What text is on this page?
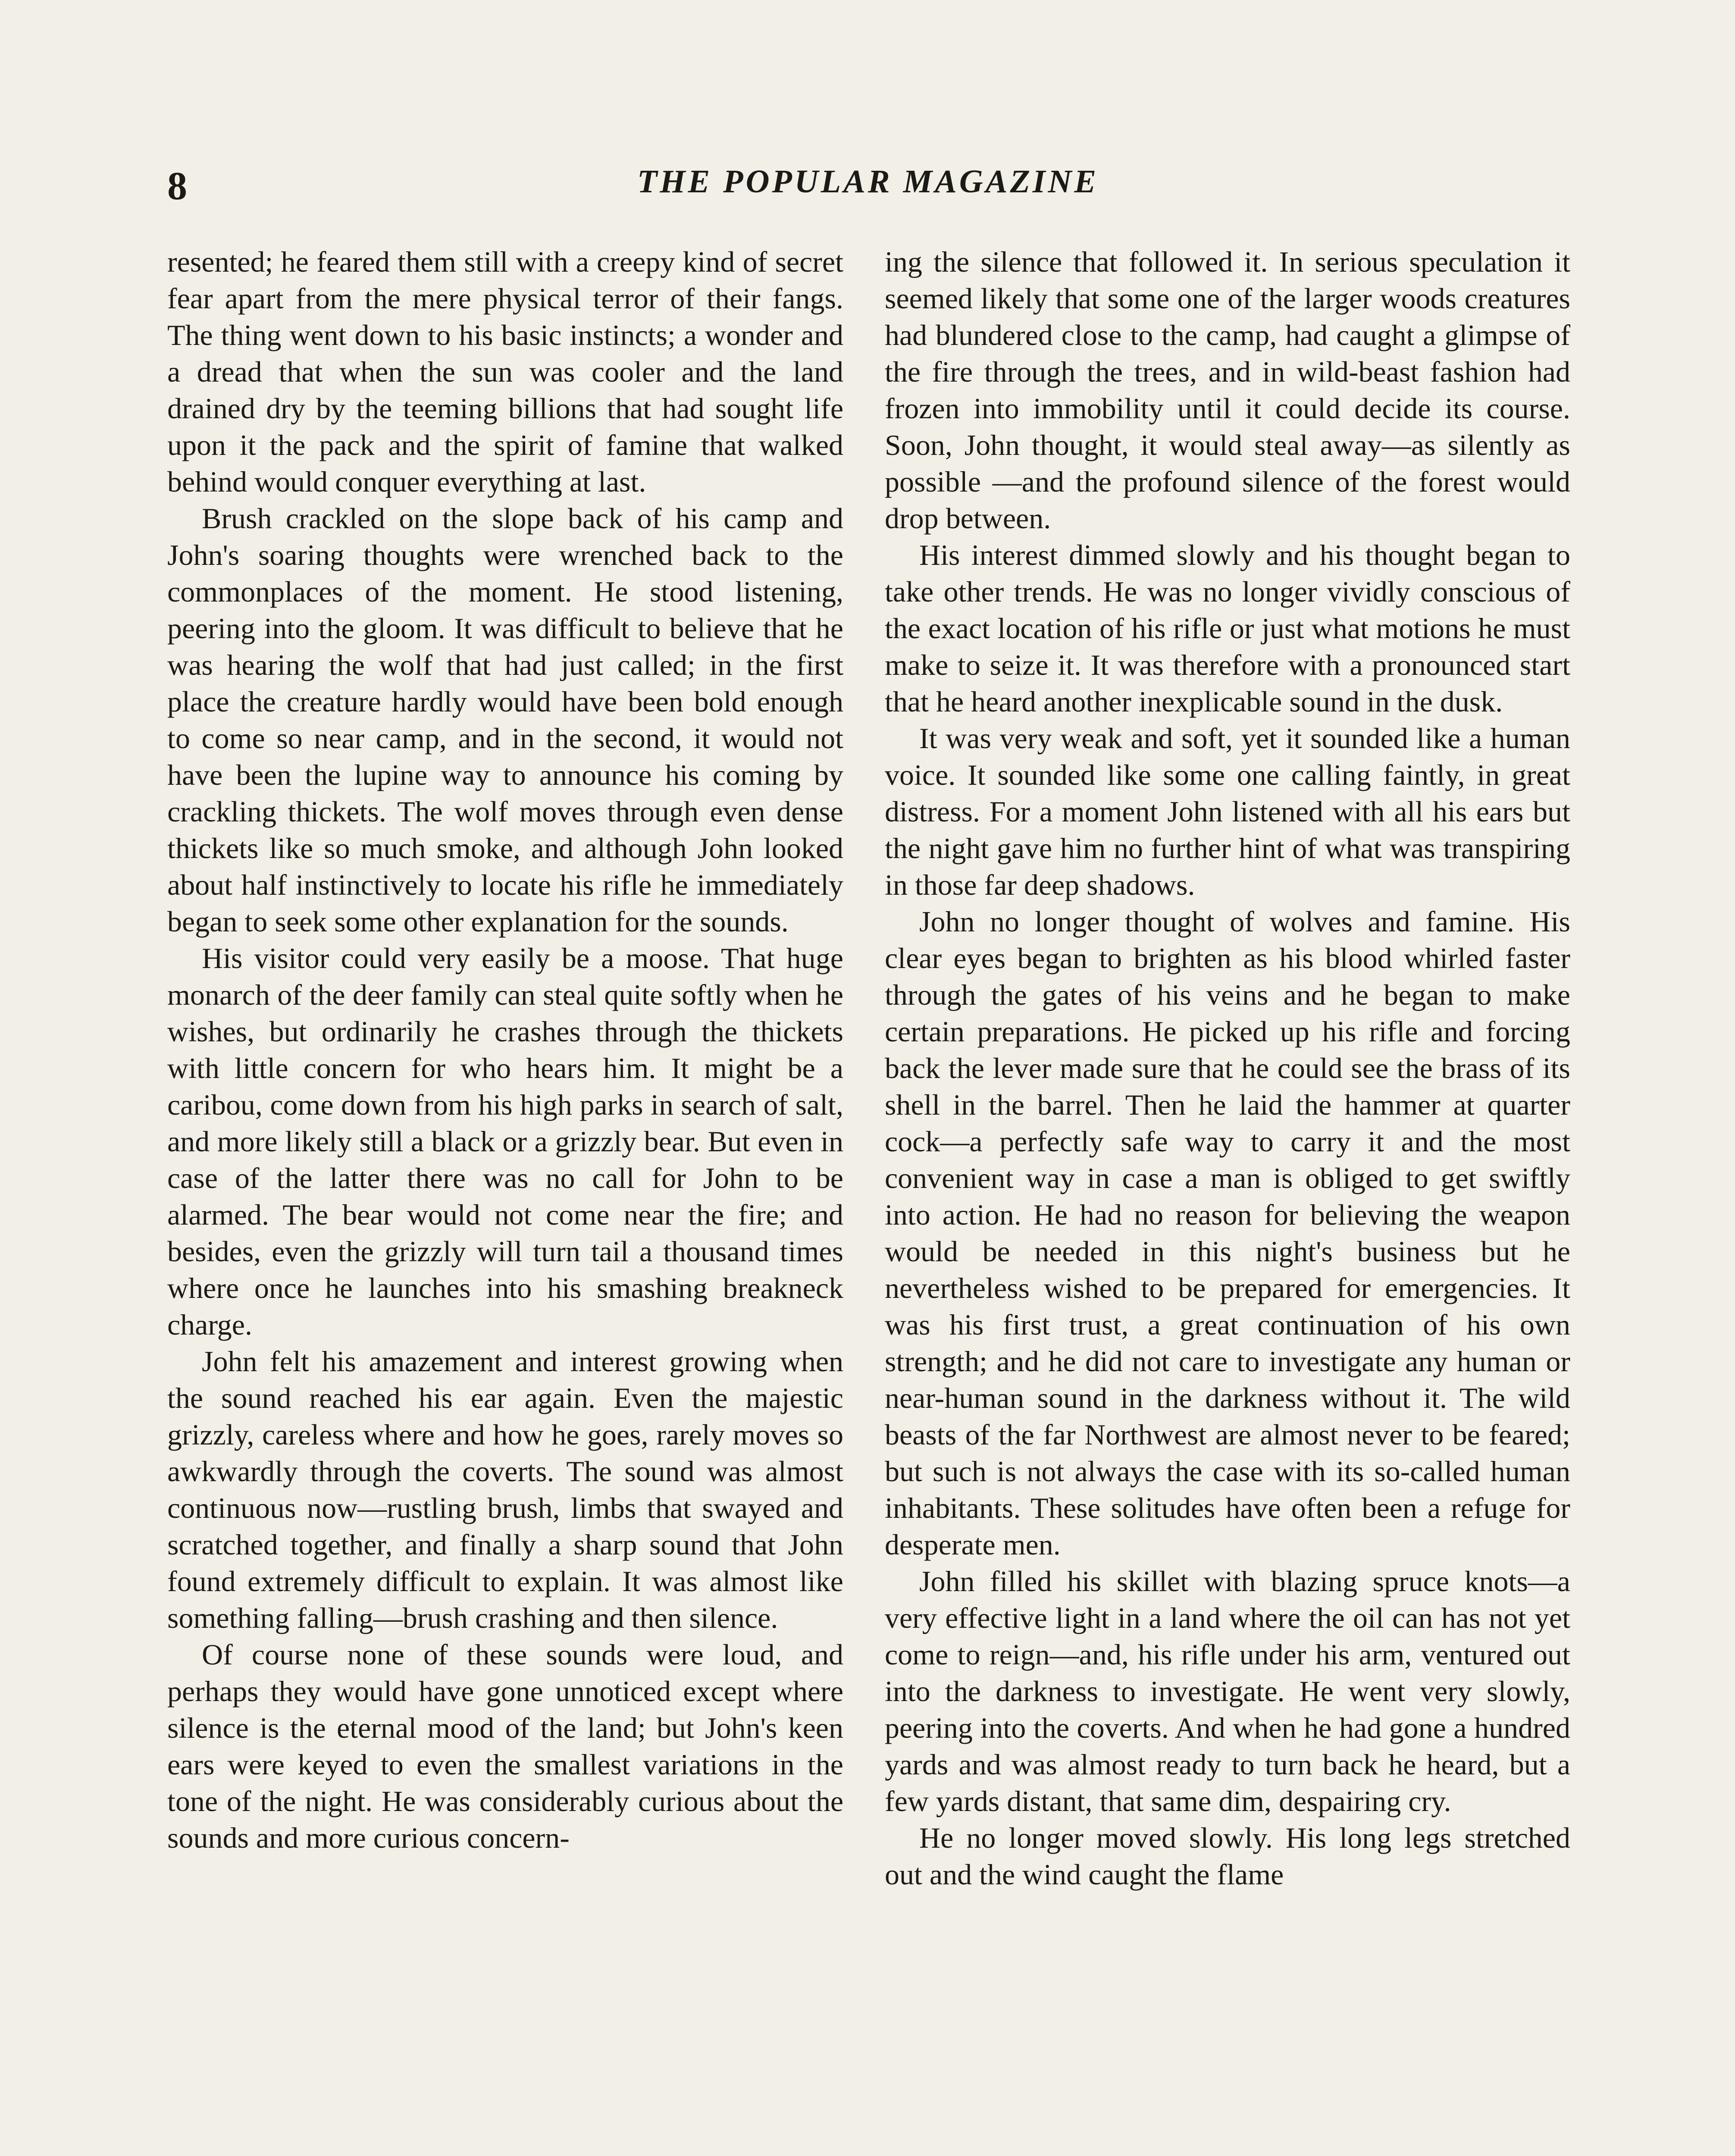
8	THE POPULAR MAGAZINE

resented; he feared them still with a creepy kind of secret fear apart from the mere physical terror of their fangs. The thing went down to his basic instincts; a wonder and a dread that when the sun was cooler and the land drained dry by the teeming billions that had sought life upon it the pack and the spirit of famine that walked behind would conquer everything at last.

Brush crackled on the slope back of his camp and John's soaring thoughts were wrenched back to the commonplaces of the moment. He stood listening, peering into the gloom. It was difficult to believe that he was hearing the wolf that had just called; in the first place the creature hardly would have been bold enough to come so near camp, and in the second, it would not have been the lupine way to announce his coming by crackling thickets. The wolf moves through even dense thickets like so much smoke, and although John looked about half instinctively to locate his rifle he immediately began to seek some other explanation for the sounds.

His visitor could very easily be a moose. That huge monarch of the deer family can steal quite softly when he wishes, but ordinarily he crashes through the thickets with little concern for who hears him. It might be a caribou, come down from his high parks in search of salt, and more likely still a black or a grizzly bear. But even in case of the latter there was no call for John to be alarmed. The bear would not come near the fire; and besides, even the grizzly will turn tail a thousand times where once he launches into his smashing breakneck charge.

John felt his amazement and interest growing when the sound reached his ear again. Even the majestic grizzly, careless where and how he goes, rarely moves so awkwardly through the coverts. The sound was almost continuous now—rustling brush, limbs that swayed and scratched together, and finally a sharp sound that John found extremely difficult to explain. It was almost like something falling—brush crashing and then silence.

Of course none of these sounds were loud, and perhaps they would have gone unnoticed except where silence is the eternal mood of the land; but John's keen ears were keyed to even the smallest variations in the tone of the night. He was considerably curious about the sounds and more curious concern-

ing the silence that followed it. In serious speculation it seemed likely that some one of the larger woods creatures had blundered close to the camp, had caught a glimpse of the fire through the trees, and in wild-beast fashion had frozen into immobility until it could decide its course. Soon, John thought, it would steal away—as silently as possible —and the profound silence of the forest would drop between.

His interest dimmed slowly and his thought began to take other trends. He was no longer vividly conscious of the exact location of his rifle or just what motions he must make to seize it. It was therefore with a pronounced start that he heard another inexplicable sound in the dusk.

It was very weak and soft, yet it sounded like a human voice. It sounded like some one calling faintly, in great distress. For a moment John listened with all his ears but the night gave him no further hint of what was transpiring in those far deep shadows.

John no longer thought of wolves and famine. His clear eyes began to brighten as his blood whirled faster through the gates of his veins and he began to make certain preparations. He picked up his rifle and forcing back the lever made sure that he could see the brass of its shell in the barrel. Then he laid the hammer at quarter cock—a perfectly safe way to carry it and the most convenient way in case a man is obliged to get swiftly into action. He had no reason for believing the weapon would be needed in this night's business but he nevertheless wished to be prepared for emergencies. It was his first trust, a great continuation of his own strength; and he did not care to investigate any human or near-human sound in the darkness without it. The wild beasts of the far Northwest are almost never to be feared; but such is not always the case with its so-called human inhabitants. These solitudes have often been a refuge for desperate men.

John filled his skillet with blazing spruce knots—a very effective light in a land where the oil can has not yet come to reign—and, his rifle under his arm, ventured out into the darkness to investigate. He went very slowly, peering into the coverts. And when he had gone a hundred yards and was almost ready to turn back he heard, but a few yards distant, that same dim, despairing cry.

He no longer moved slowly. His long legs stretched out and the wind caught the flame
